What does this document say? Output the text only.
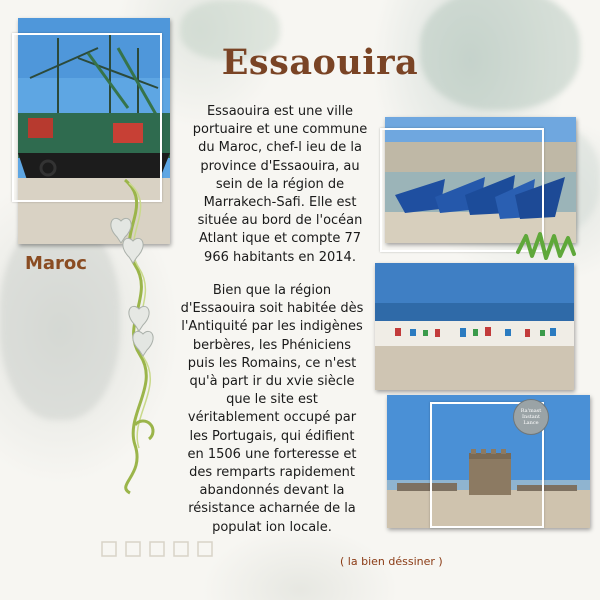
Essaouira
Maroc
Essaouira est une ville
portuaire et une commune
du Maroc, chef-l ieu de la
province d'Essaouira, au
sein de la région de
Marrakech-Safi. Elle est
située au bord de l'océan
Atlant ique et compte 77
966 habitants en 2014.
Bien que la région
d'Essaouira soit habitée dès
l'Antiquité par les indigènes
berbères, les Phéniciens
puis les Romains, ce n'est
qu'à part ir du xvie siècle
que le site est
véritablement occupé par
les Portugais, qui édifient
en 1506 une forteresse et
des remparts rapidement
abandonnés devant la
résistance acharnée de la
populat ion locale.
Ra'mast
Instant
Lance
( la bien déssiner )
